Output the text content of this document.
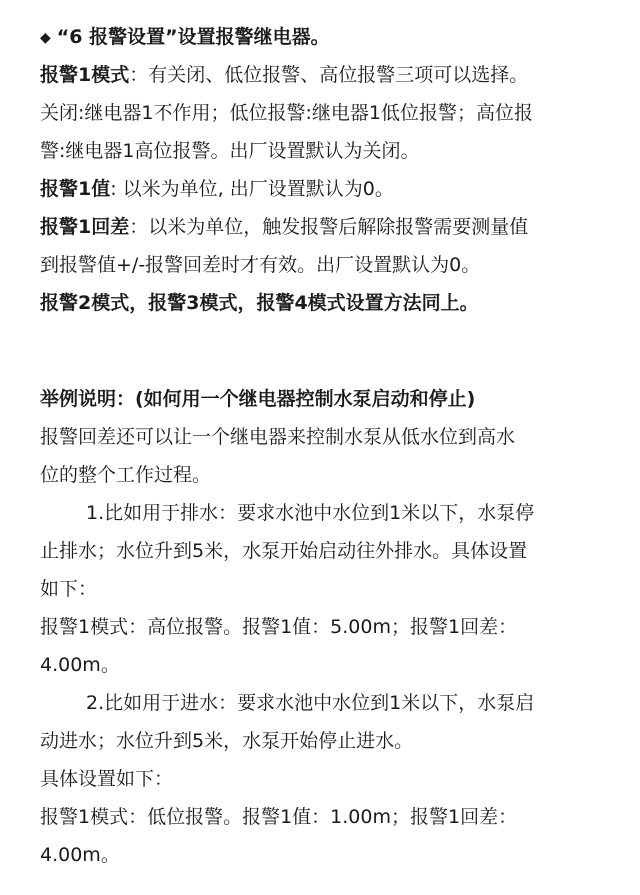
◆ “6 报警设置”设置报警继电器。
报警1模式：有关闭、低位报警、高位报警三项可以选择。
关闭:继电器1不作用；低位报警:继电器1低位报警；高位报
警:继电器1高位报警。出厂设置默认为关闭。
报警1值: 以米为单位, 出厂设置默认为0。
报警1回差：以米为单位，触发报警后解除报警需要测量值
到报警值+/-报警回差时才有效。出厂设置默认为0。
报警2模式，报警3模式，报警4模式设置方法同上。
举例说明：(如何用一个继电器控制水泵启动和停止)
报警回差还可以让一个继电器来控制水泵从低水位到高水
位的整个工作过程。
1.比如用于排水：要求水池中水位到1米以下，水泵停
止排水；水位升到5米，水泵开始启动往外排水。具体设置
如下：
报警1模式：高位报警。报警1值：5.00m；报警1回差：
4.00m。
2.比如用于进水：要求水池中水位到1米以下，水泵启
动进水；水位升到5米，水泵开始停止进水。
具体设置如下：
报警1模式：低位报警。报警1值：1.00m；报警1回差：
4.00m。
